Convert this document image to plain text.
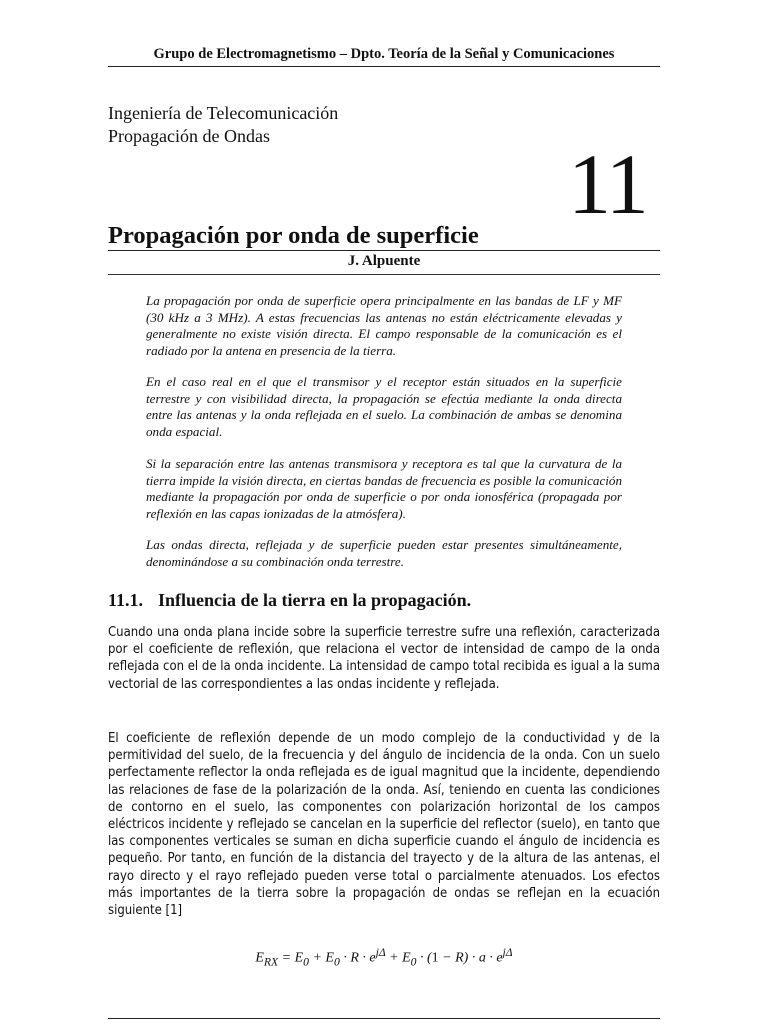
Grupo de Electromagnetismo – Dpto. Teoría de la Señal y Comunicaciones
Ingeniería de Telecomunicación
Propagación de Ondas	11
Propagación por onda de superficie
J. Alpuente
La propagación por onda de superficie opera principalmente en las bandas de LF y MF (30 kHz a 3 MHz). A estas frecuencias las antenas no están eléctricamente elevadas y generalmente no existe visión directa. El campo responsable de la comunicación es el radiado por la antena en presencia de la tierra.
En el caso real en el que el transmisor y el receptor están situados en la superficie terrestre y con visibilidad directa, la propagación se efectúa mediante la onda directa entre las antenas y la onda reflejada en el suelo. La combinación de ambas se denomina onda espacial.
Si la separación entre las antenas transmisora y receptora es tal que la curvatura de la tierra impide la visión directa, en ciertas bandas de frecuencia es posible la comunicación mediante la propagación por onda de superficie o por onda ionosférica (propagada por reflexión en las capas ionizadas de la atmósfera).
Las ondas directa, reflejada y de superficie pueden estar presentes simultáneamente, denominándose a su combinación onda terrestre.
11.1. Influencia de la tierra en la propagación.
Cuando una onda plana incide sobre la superficie terrestre sufre una reflexión, caracterizada por el coeficiente de reflexión, que relaciona el vector de intensidad de campo de la onda reflejada con el de la onda incidente. La intensidad de campo total recibida es igual a la suma vectorial de las correspondientes a las ondas incidente y reflejada.
El coeficiente de reflexión depende de un modo complejo de la conductividad y de la permitividad del suelo, de la frecuencia y del ángulo de incidencia de la onda. Con un suelo perfectamente reflector la onda reflejada es de igual magnitud que la incidente, dependiendo las relaciones de fase de la polarización de la onda. Así, teniendo en cuenta las condiciones de contorno en el suelo, las componentes con polarización horizontal de los campos eléctricos incidente y reflejado se cancelan en la superficie del reflector (suelo), en tanto que las componentes verticales se suman en dicha superficie cuando el ángulo de incidencia es pequeño. Por tanto, en función de la distancia del trayecto y de la altura de las antenas, el rayo directo y el rayo reflejado pueden verse total o parcialmente atenuados. Los efectos más importantes de la tierra sobre la propagación de ondas se reflejan en la ecuación siguiente [1]
$E_{RX} = E_0 + E_0 \cdot R \cdot e^{j\Delta} + E_0 \cdot (1 - R) \cdot a \cdot e^{j\Delta}$
